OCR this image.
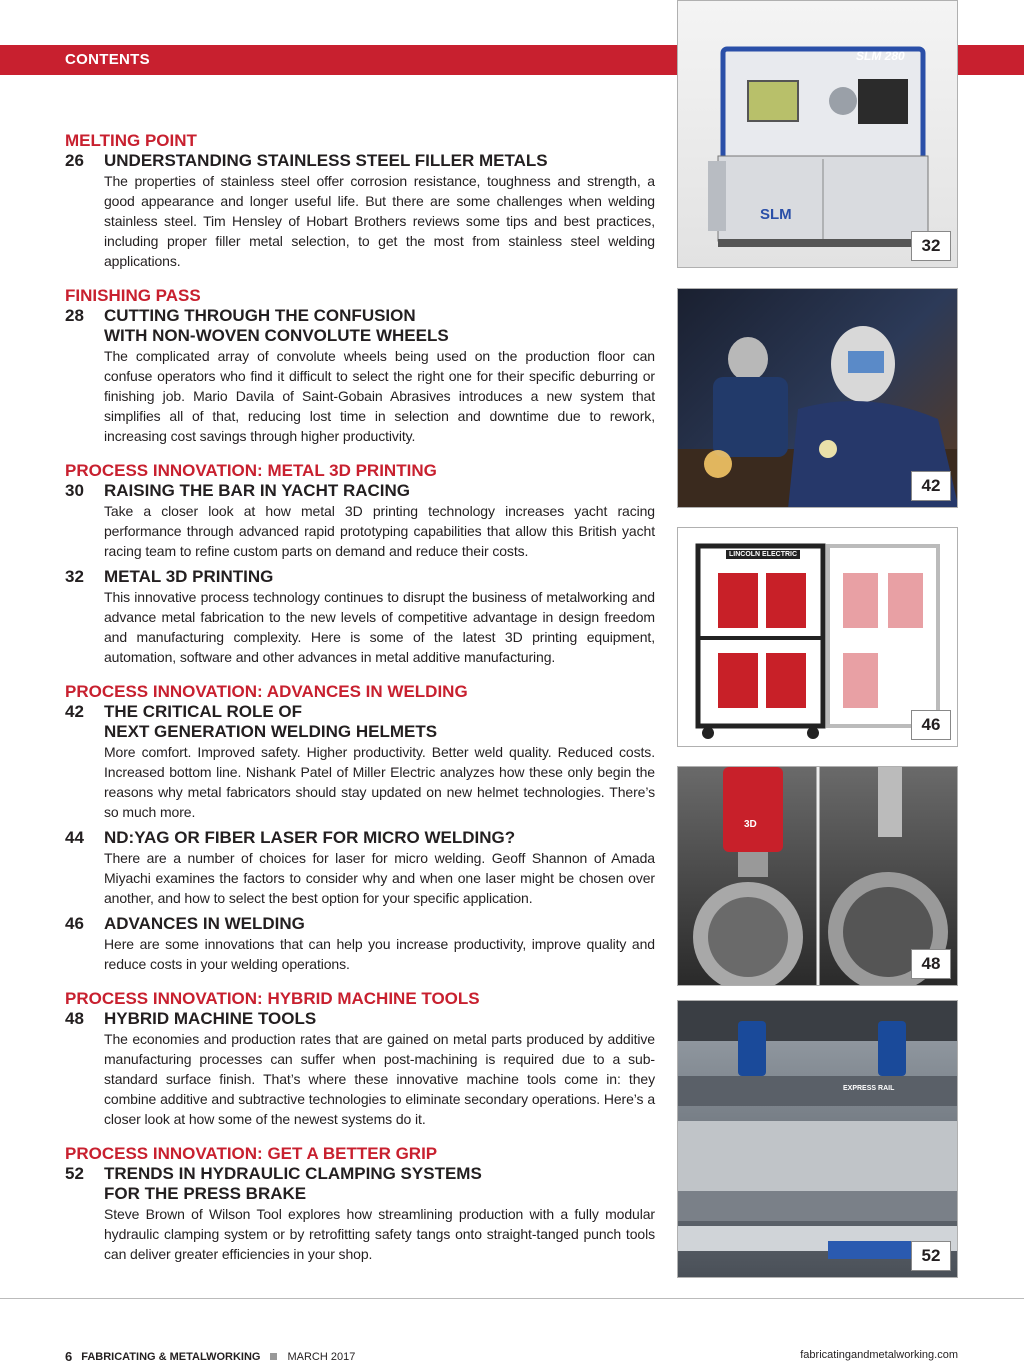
CONTENTS
MELTING POINT
26	UNDERSTANDING STAINLESS STEEL FILLER METALS
The properties of stainless steel offer corrosion resistance, toughness and strength, a good appearance and longer useful life. But there are some challenges when welding stainless steel. Tim Hensley of Hobart Brothers reviews some tips and best practices, including proper filler metal selection, to get the most from stainless steel welding applications.
FINISHING PASS
28	CUTTING THROUGH THE CONFUSION
WITH NON-WOVEN CONVOLUTE WHEELS
The complicated array of convolute wheels being used on the production floor can confuse operators who find it difficult to select the right one for their specific deburring or finishing job. Mario Davila of Saint-Gobain Abrasives introduces a new system that simplifies all of that, reducing lost time in selection and downtime due to rework, increasing cost savings through higher productivity.
PROCESS INNOVATION: METAL 3D PRINTING
30	RAISING THE BAR IN YACHT RACING
Take a closer look at how metal 3D printing technology increases yacht racing performance through advanced rapid prototyping capabilities that allow this British yacht racing team to refine custom parts on demand and reduce their costs.
32	METAL 3D PRINTING
This innovative process technology continues to disrupt the business of metalworking and advance metal fabrication to the new levels of competitive advantage in design freedom and manufacturing complexity. Here is some of the latest 3D printing equipment, automation, software and other advances in metal additive manufacturing.
PROCESS INNOVATION: ADVANCES IN WELDING
42	THE CRITICAL ROLE OF
NEXT GENERATION WELDING HELMETS
More comfort. Improved safety. Higher productivity. Better weld quality. Reduced costs. Increased bottom line. Nishank Patel of Miller Electric analyzes how these only begin the reasons why metal fabricators should stay updated on new helmet technologies. There’s so much more.
44	ND:YAG OR FIBER LASER FOR MICRO WELDING?
There are a number of choices for laser for micro welding. Geoff Shannon of Amada Miyachi examines the factors to consider why and when one laser might be chosen over another, and how to select the best option for your specific application.
46	ADVANCES IN WELDING
Here are some innovations that can help you increase productivity, improve quality and reduce costs in your welding operations.
PROCESS INNOVATION: HYBRID MACHINE TOOLS
48	HYBRID MACHINE TOOLS
The economies and production rates that are gained on metal parts produced by additive manufacturing processes can suffer when post-machining is required due to a sub-standard surface finish. That’s where these innovative machine tools come in: they combine additive and subtractive technologies to eliminate secondary operations. Here’s a closer look at how some of the newest systems do it.
PROCESS INNOVATION: GET A BETTER GRIP
52	TRENDS IN HYDRAULIC CLAMPING SYSTEMS
FOR THE PRESS BRAKE
Steve Brown of Wilson Tool explores how streamlining production with a fully modular hydraulic clamping system or by retrofitting safety tangs onto straight-tanged punch tools can deliver greater efficiencies in your shop.
SLM 280
SLM
32
42
LINCOLN ELECTRIC
46
3D
48
EXPRESS RAIL
52
6 FABRICATING & METALWORKING MARCH 2017	fabricatingandmetalworking.com
